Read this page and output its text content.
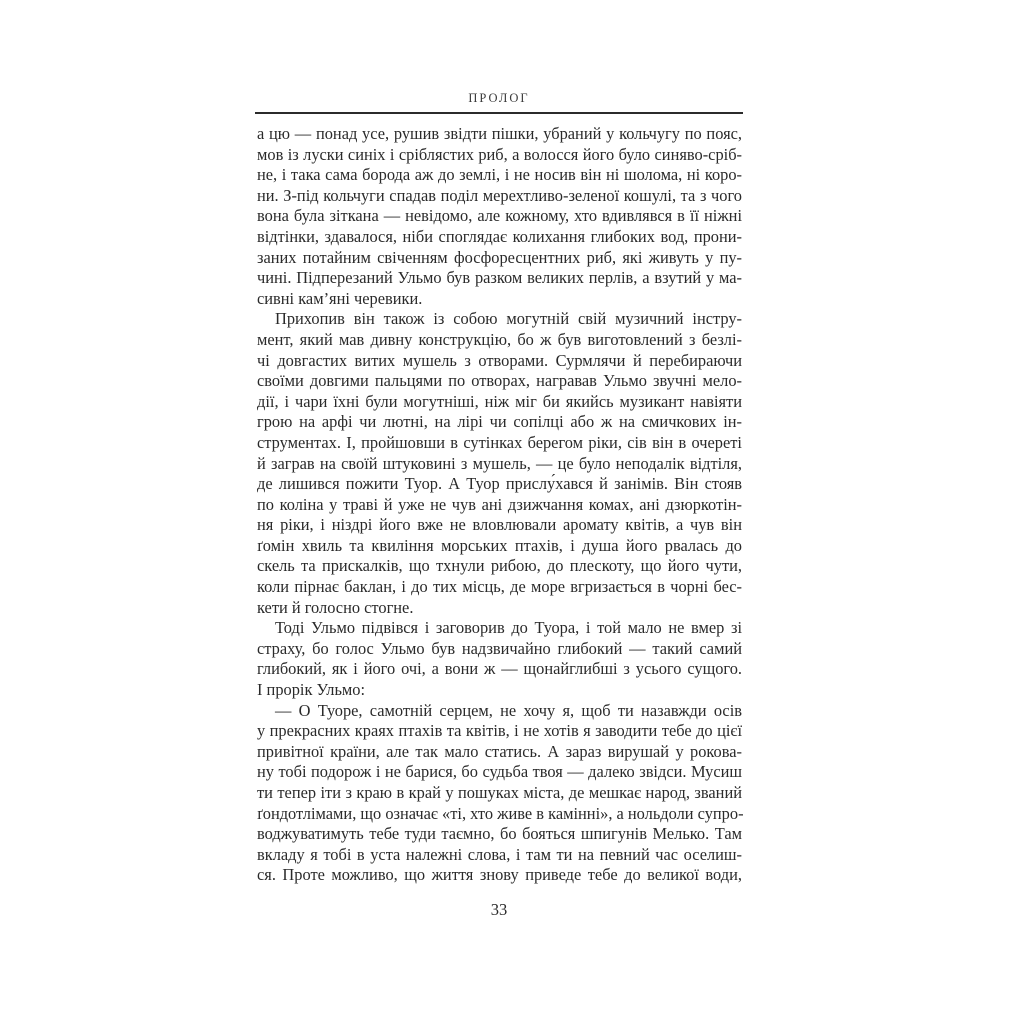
ПРОЛОГ
а цю — понад усе, рушив звідти пішки, убраний у кольчугу по пояс,
мов із луски синіх і сріблястих риб, а волосся його було синяво-сріб-
не, і така сама борода аж до землі, і не носив він ні шолома, ні коро-
ни. З-під кольчуги спадав поділ мерехтливо-зеленої кошулі, та з чого
вона була зіткана — невідомо, але кожному, хто вдивлявся в її ніжні
відтінки, здавалося, ніби споглядає колихання глибоких вод, прони-
заних потайним свіченням фосфоресцентних риб, які живуть у пу-
чині. Підперезаний Ульмо був разком великих перлів, а взутий у ма-
сивні кам’яні черевики.
Прихопив він також із собою могутній свій музичний інстру-
мент, який мав дивну конструкцію, бо ж був виготовлений з безлі-
чі довгастих витих мушель з отворами. Сурмлячи й перебираючи
своїми довгими пальцями по отворах, награвав Ульмо звучні мело-
дії, і чари їхні були могутніші, ніж міг би якийсь музикант навіяти
грою на арфі чи лютні, на лірі чи сопілці або ж на смичкових ін-
струментах. І, пройшовши в сутінках берегом ріки, сів він в очереті
й заграв на своїй штуковині з мушель, — це було неподалік відтіля,
де лишився пожити Туор. А Туор прислу́хався й занімів. Він стояв
по коліна у траві й уже не чув ані дзижчання комах, ані дзюркотін-
ня ріки, і ніздрі його вже не вловлювали аромату квітів, а чув він
ґомін хвиль та квиління морських птахів, і душа його рвалась до
скель та прискалків, що тхнули рибою, до плескоту, що його чути,
коли пірнає баклан, і до тих місць, де море вгризається в чорні бес-
кети й голосно стогне.
Тоді Ульмо підвівся і заговорив до Туора, і той мало не вмер зі
страху, бо голос Ульмо був надзвичайно глибокий — такий самий
глибокий, як і його очі, а вони ж — щонайглибші з усього сущого.
І прорік Ульмо:
— О Туоре, самотній серцем, не хочу я, щоб ти назавжди осів
у прекрасних краях птахів та квітів, і не хотів я заводити тебе до цієї
привітної країни, але так мало статись. А зараз вирушай у рокова-
ну тобі подорож і не барися, бо судьба твоя — далеко звідси. Мусиш
ти тепер іти з краю в край у пошуках міста, де мешкає народ, званий
ґондотлімами, що означає «ті, хто живе в камінні», а нольдоли супро-
воджуватимуть тебе туди таємно, бо бояться шпигунів Мелько. Там
вкладу я тобі в уста належні слова, і там ти на певний час оселиш-
ся. Проте можливо, що життя знову приведе тебе до великої води,
33
